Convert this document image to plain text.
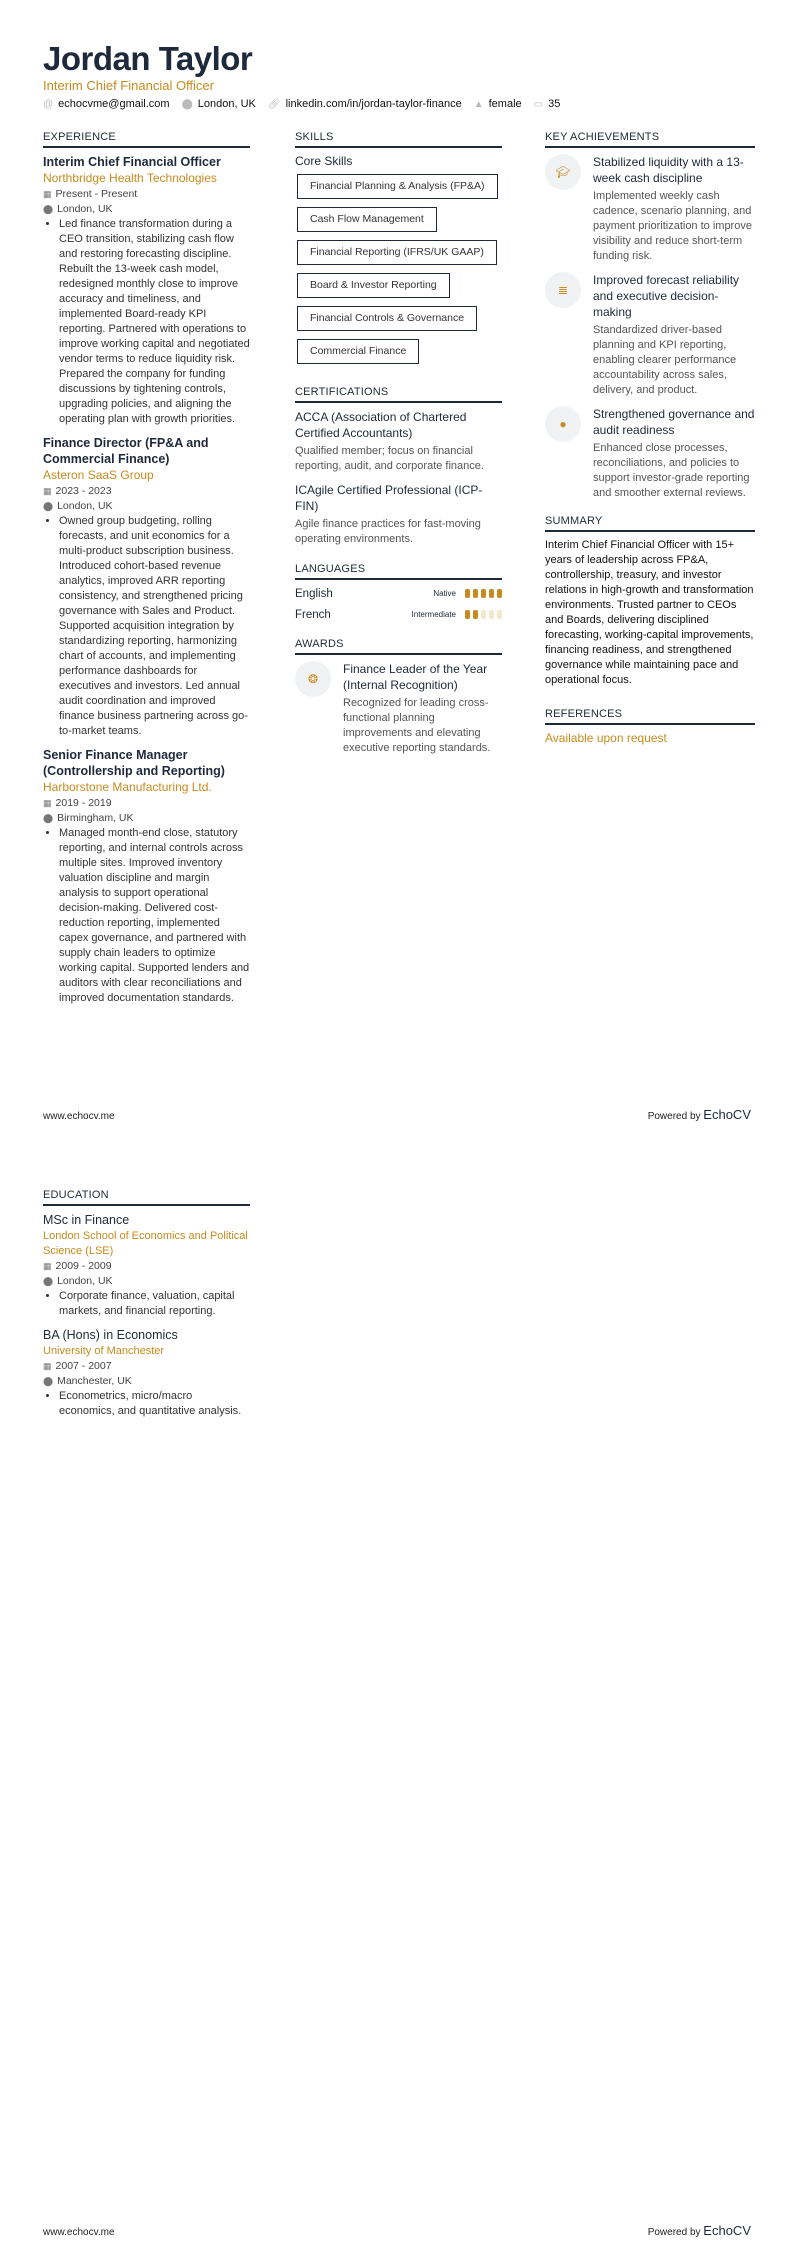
Jordan Taylor
Interim Chief Financial Officer
@ echocvme@gmail.com ⬤ London, UK 🔗︎ linkedin.com/in/jordan-taylor-finance ▲ female ▭ 35
EXPERIENCE
Interim Chief Financial Officer
Northbridge Health Technologies
▦ Present - Present
⬤ London, UK
• Led finance transformation during a CEO transition, stabilizing cash flow and restoring forecasting discipline. Rebuilt the 13-week cash model, redesigned monthly close to improve accuracy and timeliness, and implemented Board-ready KPI reporting. Partnered with operations to improve working capital and negotiated vendor terms to reduce liquidity risk. Prepared the company for funding discussions by tightening controls, upgrading policies, and aligning the operating plan with growth priorities.
Finance Director (FP&A and Commercial Finance)
Asteron SaaS Group
▦ 2023 - 2023
⬤ London, UK
• Owned group budgeting, rolling forecasts, and unit economics for a multi-product subscription business. Introduced cohort-based revenue analytics, improved ARR reporting consistency, and strengthened pricing governance with Sales and Product. Supported acquisition integration by standardizing reporting, harmonizing chart of accounts, and implementing performance dashboards for executives and investors. Led annual audit coordination and improved finance business partnering across go-to-market teams.
Senior Finance Manager (Controllership and Reporting)
Harborstone Manufacturing Ltd.
▦ 2019 - 2019
⬤ Birmingham, UK
• Managed month-end close, statutory reporting, and internal controls across multiple sites. Improved inventory valuation discipline and margin analysis to support operational decision-making. Delivered cost-reduction reporting, implemented capex governance, and partnered with supply chain leaders to optimize working capital. Supported lenders and auditors with clear reconciliations and improved documentation standards.
SKILLS
Core Skills
Financial Planning & Analysis (FP&A)
Cash Flow Management
Financial Reporting (IFRS/UK GAAP)
Board & Investor Reporting
Financial Controls & Governance
Commercial Finance
CERTIFICATIONS
ACCA (Association of Chartered Certified Accountants)
Qualified member; focus on financial reporting, audit, and corporate finance.
ICAgile Certified Professional (ICP-FIN)
Agile finance practices for fast-moving operating environments.
LANGUAGES
English	Native
French	Intermediate
AWARDS
❂
Finance Leader of the Year (Internal Recognition)
Recognized for leading cross-functional planning improvements and elevating executive reporting standards.
KEY ACHIEVEMENTS
🎓︎
Stabilized liquidity with a 13-week cash discipline
Implemented weekly cash cadence, scenario planning, and payment prioritization to improve visibility and reduce short-term funding risk.
≣
Improved forecast reliability and executive decision-making
Standardized driver-based planning and KPI reporting, enabling clearer performance accountability across sales, delivery, and product.
●
Strengthened governance and audit readiness
Enhanced close processes, reconciliations, and policies to support investor-grade reporting and smoother external reviews.
SUMMARY
Interim Chief Financial Officer with 15+ years of leadership across FP&A, controllership, treasury, and investor relations in high-growth and transformation environments. Trusted partner to CEOs and Boards, delivering disciplined forecasting, working-capital improvements, financing readiness, and strengthened governance while maintaining pace and operational focus.
REFERENCES
Available upon request
www.echocv.me	Powered by EchoCV
EDUCATION
MSc in Finance
London School of Economics and Political Science (LSE)
▦ 2009 - 2009
⬤ London, UK
• Corporate finance, valuation, capital markets, and financial reporting.
BA (Hons) in Economics
University of Manchester
▦ 2007 - 2007
⬤ Manchester, UK
• Econometrics, micro/macro economics, and quantitative analysis.
www.echocv.me	Powered by EchoCV
